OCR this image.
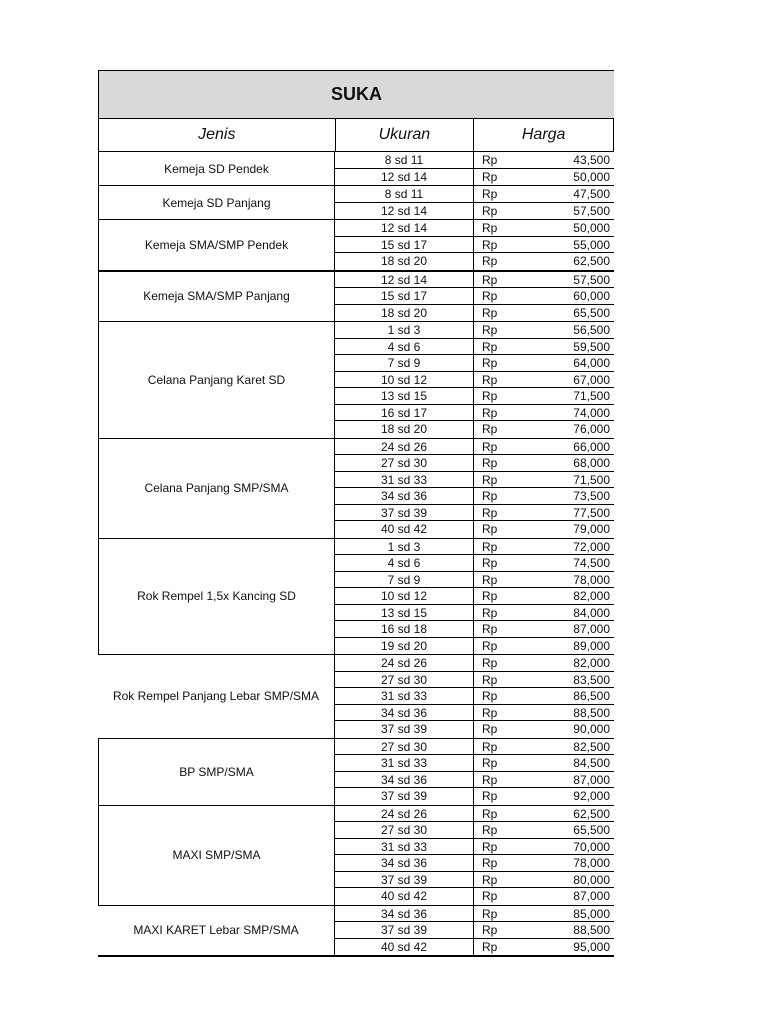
SUKA
Jenis	Ukuran	Harga
Kemeja SD Pendek
8 sd 11	Rp	43,500
12 sd 14	Rp	50,000
Kemeja SD Panjang
8 sd 11	Rp	47,500
12 sd 14	Rp	57,500
Kemeja SMA/SMP Pendek
12 sd 14	Rp	50,000
15 sd 17	Rp	55,000
18 sd 20	Rp	62,500
Kemeja SMA/SMP Panjang
12 sd 14	Rp	57,500
15 sd 17	Rp	60,000
18 sd 20	Rp	65,500
Celana Panjang Karet SD
1 sd 3	Rp	56,500
4 sd 6	Rp	59,500
7 sd 9	Rp	64,000
10 sd 12	Rp	67,000
13 sd 15	Rp	71,500
16 sd 17	Rp	74,000
18 sd 20	Rp	76,000
Celana Panjang SMP/SMA
24 sd 26	Rp	66,000
27 sd 30	Rp	68,000
31 sd 33	Rp	71,500
34 sd 36	Rp	73,500
37 sd 39	Rp	77,500
40 sd 42	Rp	79,000
Rok Rempel 1,5x Kancing SD
1 sd 3	Rp	72,000
4 sd 6	Rp	74,500
7 sd 9	Rp	78,000
10 sd 12	Rp	82,000
13 sd 15	Rp	84,000
16 sd 18	Rp	87,000
19 sd 20	Rp	89,000
Rok Rempel Panjang Lebar SMP/SMA
24 sd 26	Rp	82,000
27 sd 30	Rp	83,500
31 sd 33	Rp	86,500
34 sd 36	Rp	88,500
37 sd 39	Rp	90,000
BP SMP/SMA
27 sd 30	Rp	82,500
31 sd 33	Rp	84,500
34 sd 36	Rp	87,000
37 sd 39	Rp	92,000
MAXI SMP/SMA
24 sd 26	Rp	62,500
27 sd 30	Rp	65,500
31 sd 33	Rp	70,000
34 sd 36	Rp	78,000
37 sd 39	Rp	80,000
40 sd 42	Rp	87,000
MAXI KARET Lebar SMP/SMA
34 sd 36	Rp	85,000
37 sd 39	Rp	88,500
40 sd 42	Rp	95,000
